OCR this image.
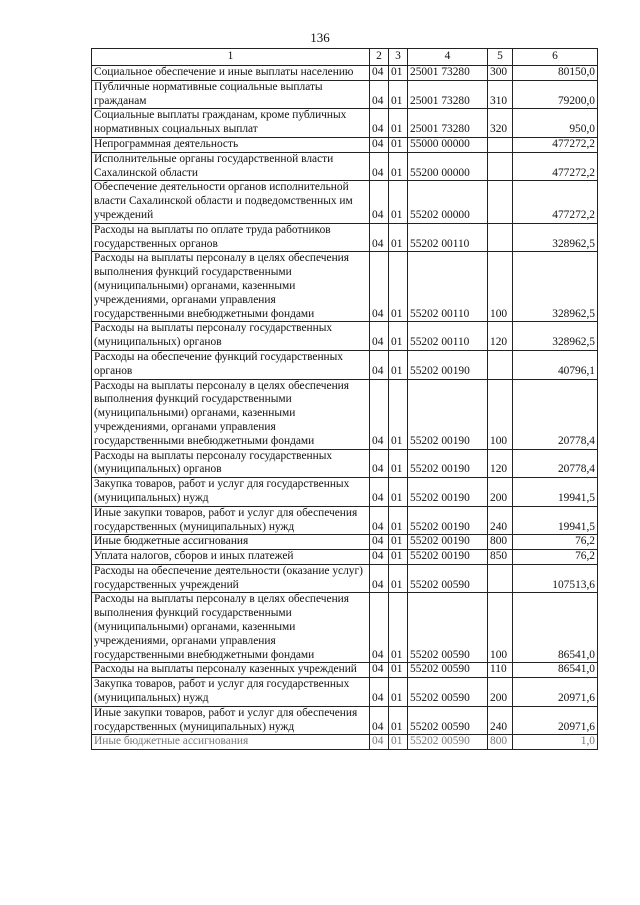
136
1	2	3	4	5	6
Социальное обеспечение и иные выплаты населению	04	01	25001 73280	300	80150,0
Публичные нормативные социальные выплаты гражданам	04	01	25001 73280	310	79200,0
Социальные выплаты гражданам, кроме публичных нормативных социальных выплат	04	01	25001 73280	320	950,0
Непрограммная деятельность	04	01	55000 00000		477272,2
Исполнительные органы государственной власти Сахалинской области	04	01	55200 00000		477272,2
Обеспечение деятельности органов исполнительной власти Сахалинской области и подведомственных им учреждений	04	01	55202 00000		477272,2
Расходы на выплаты по оплате труда работников государственных органов	04	01	55202 00110		328962,5
Расходы на выплаты персоналу в целях обеспечения выполнения функций государственными (муниципальными) органами, казенными учреждениями, органами управления государственными внебюджетными фондами	04	01	55202 00110	100	328962,5
Расходы на выплаты персоналу государственных (муниципальных) органов	04	01	55202 00110	120	328962,5
Расходы на обеспечение функций государственных органов	04	01	55202 00190		40796,1
Расходы на выплаты персоналу в целях обеспечения выполнения функций государственными (муниципальными) органами, казенными учреждениями, органами управления государственными внебюджетными фондами	04	01	55202 00190	100	20778,4
Расходы на выплаты персоналу государственных (муниципальных) органов	04	01	55202 00190	120	20778,4
Закупка товаров, работ и услуг для государственных (муниципальных) нужд	04	01	55202 00190	200	19941,5
Иные закупки товаров, работ и услуг для обеспечения государственных (муниципальных) нужд	04	01	55202 00190	240	19941,5
Иные бюджетные ассигнования	04	01	55202 00190	800	76,2
Уплата налогов, сборов и иных платежей	04	01	55202 00190	850	76,2
Расходы на обеспечение деятельности (оказание услуг) государственных учреждений	04	01	55202 00590		107513,6
Расходы на выплаты персоналу в целях обеспечения выполнения функций государственными (муниципальными) органами, казенными учреждениями, органами управления государственными внебюджетными фондами	04	01	55202 00590	100	86541,0
Расходы на выплаты персоналу казенных учреждений	04	01	55202 00590	110	86541,0
Закупка товаров, работ и услуг для государственных (муниципальных) нужд	04	01	55202 00590	200	20971,6
Иные закупки товаров, работ и услуг для обеспечения государственных (муниципальных) нужд	04	01	55202 00590	240	20971,6
Иные бюджетные ассигнования	04	01	55202 00590	800	1,0
